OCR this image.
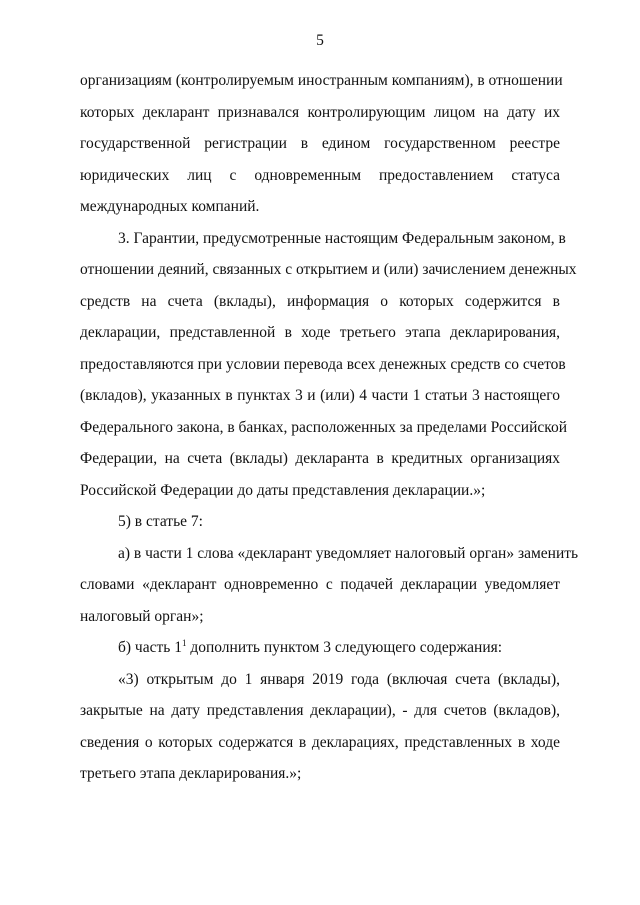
5

организациям (контролируемым иностранным компаниям), в отношении
которых декларант признавался контролирующим лицом на дату их
государственной регистрации в едином государственном реестре
юридических лиц с одновременным предоставлением статуса
международных компаний.

3. Гарантии, предусмотренные настоящим Федеральным законом, в
отношении деяний, связанных с открытием и (или) зачислением денежных
средств на счета (вклады), информация о которых содержится в
декларации, представленной в ходе третьего этапа декларирования,
предоставляются при условии перевода всех денежных средств со счетов
(вкладов), указанных в пунктах 3 и (или) 4 части 1 статьи 3 настоящего
Федерального закона, в банках, расположенных за пределами Российской
Федерации, на счета (вклады) декларанта в кредитных организациях
Российской Федерации до даты представления декларации.»;

5) в статье 7:

а) в части 1 слова «декларант уведомляет налоговый орган» заменить
словами «декларант одновременно с подачей декларации уведомляет
налоговый орган»;

б) часть $1^1$ дополнить пунктом 3 следующего содержания:

«3) открытым до 1 января 2019 года (включая счета (вклады),
закрытые на дату представления декларации), - для счетов (вкладов),
сведения о которых содержатся в декларациях, представленных в ходе
третьего этапа декларирования.»;
